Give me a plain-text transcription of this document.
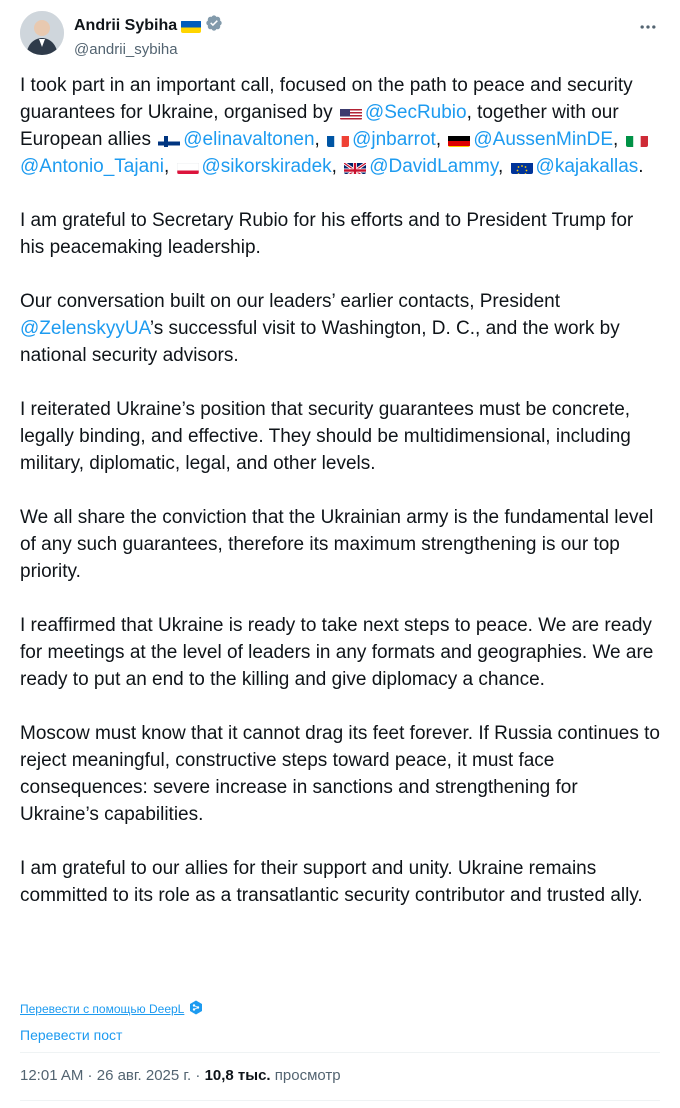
Andrii Sybiha
@andrii_sybiha

I took part in an important call, focused on the path to peace and security guarantees for Ukraine, organised by @SecRubio, together with our European allies @elinavaltonen, @jnbarrot, @AussenMinDE, @Antonio_Tajani, @sikorskiradek, @DavidLammy, @kajakallas.

I am grateful to Secretary Rubio for his efforts and to President Trump for his peacemaking leadership.

Our conversation built on our leaders’ earlier contacts, President @ZelenskyyUA’s successful visit to Washington, D. C., and the work by national security advisors.

I reiterated Ukraine’s position that security guarantees must be concrete, legally binding, and effective. They should be multidimensional, including military, diplomatic, legal, and other levels.

We all share the conviction that the Ukrainian army is the fundamental level of any such guarantees, therefore its maximum strengthening is our top priority.

I reaffirmed that Ukraine is ready to take next steps to peace. We are ready for meetings at the level of leaders in any formats and geographies. We are ready to put an end to the killing and give diplomacy a chance.

Moscow must know that it cannot drag its feet forever. If Russia continues to reject meaningful, constructive steps toward peace, it must face consequences: severe increase in sanctions and strengthening for Ukraine’s capabilities.

I am grateful to our allies for their support and unity. Ukraine remains committed to its role as a transatlantic security contributor and trusted ally.

Перевести с помощью DeepL
Перевести пост
12:01 AM · 26 авг. 2025 г. · 10,8 тыс. просмотр
